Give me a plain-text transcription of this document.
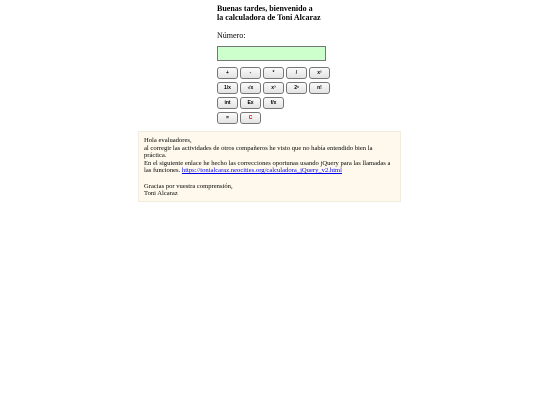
Buenas tardes, bienvenido a
la calculadora de Toni Alcaraz
Número:
+	-	*	/	x²
1/x	√x	x³	2ˣ	n!
int	Ex	f/x
=	C

Hola evaluadores,

al corregir las actividades de otros compañeros he visto que no había entendido bien la práctica.

En el siguiente enlace he hecho las correcciones oportunas usando jQuery para las llamadas a las funciones. https://tonialcaraz.neocities.org/calculadora_jQuery_v2.html

Gracias por vuestra comprensión,

Toni Alcaraz
